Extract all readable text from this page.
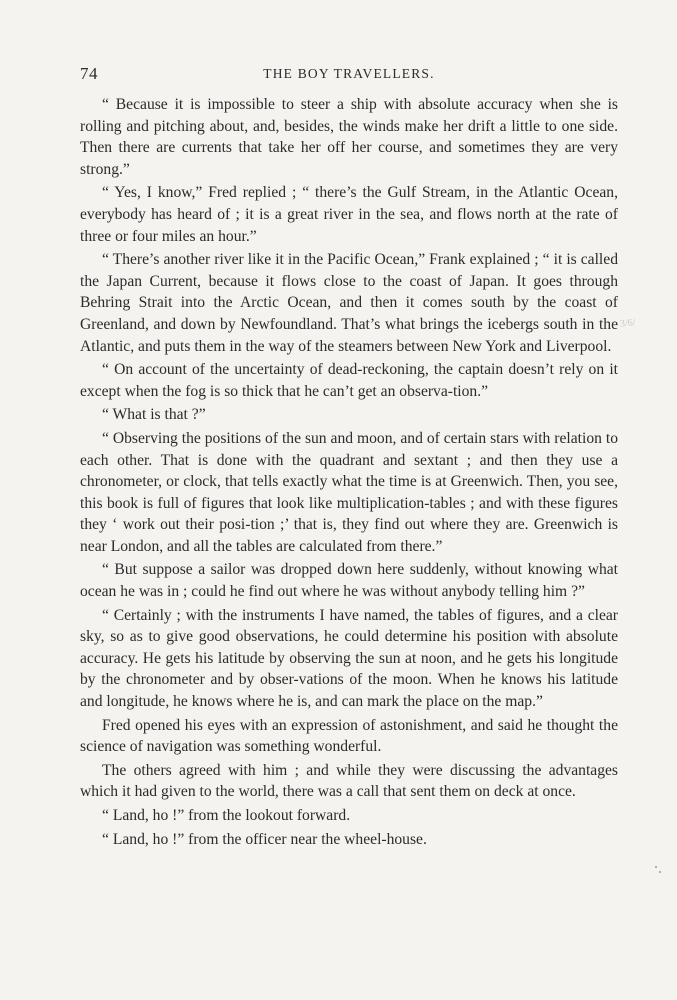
74	THE BOY TRAVELLERS.

“ Because it is impossible to steer a ship with absolute accuracy when she is rolling and pitching about, and, besides, the winds make her drift a little to one side. Then there are currents that take her off her course, and sometimes they are very strong.”

“ Yes, I know,” Fred replied ; “ there’s the Gulf Stream, in the Atlantic Ocean, everybody has heard of ; it is a great river in the sea, and flows north at the rate of three or four miles an hour.”

“ There’s another river like it in the Pacific Ocean,” Frank explained ; “ it is called the Japan Current, because it flows close to the coast of Japan. It goes through Behring Strait into the Arctic Ocean, and then it comes south by the coast of Greenland, and down by Newfoundland. That’s what brings the icebergs south in the Atlantic, and puts them in the way of the steamers between New York and Liverpool.

“ On account of the uncertainty of dead-reckoning, the captain doesn’t rely on it except when the fog is so thick that he can’t get an observa-tion.”

“ What is that ?”

“ Observing the positions of the sun and moon, and of certain stars with relation to each other. That is done with the quadrant and sextant ; and then they use a chronometer, or clock, that tells exactly what the time is at Greenwich. Then, you see, this book is full of figures that look like multiplication-tables ; and with these figures they ‘ work out their posi-tion ;’ that is, they find out where they are. Greenwich is near London, and all the tables are calculated from there.”

“ But suppose a sailor was dropped down here suddenly, without knowing what ocean he was in ; could he find out where he was without anybody telling him ?”

“ Certainly ; with the instruments I have named, the tables of figures, and a clear sky, so as to give good observations, he could determine his position with absolute accuracy. He gets his latitude by observing the sun at noon, and he gets his longitude by the chronometer and by obser-vations of the moon. When he knows his latitude and longitude, he knows where he is, and can mark the place on the map.”

Fred opened his eyes with an expression of astonishment, and said he thought the science of navigation was something wonderful.

The others agreed with him ; and while they were discussing the advantages which it had given to the world, there was a call that sent them on deck at once.

“ Land, ho !” from the lookout forward.

“ Land, ho !” from the officer near the wheel-house.

3/6/
